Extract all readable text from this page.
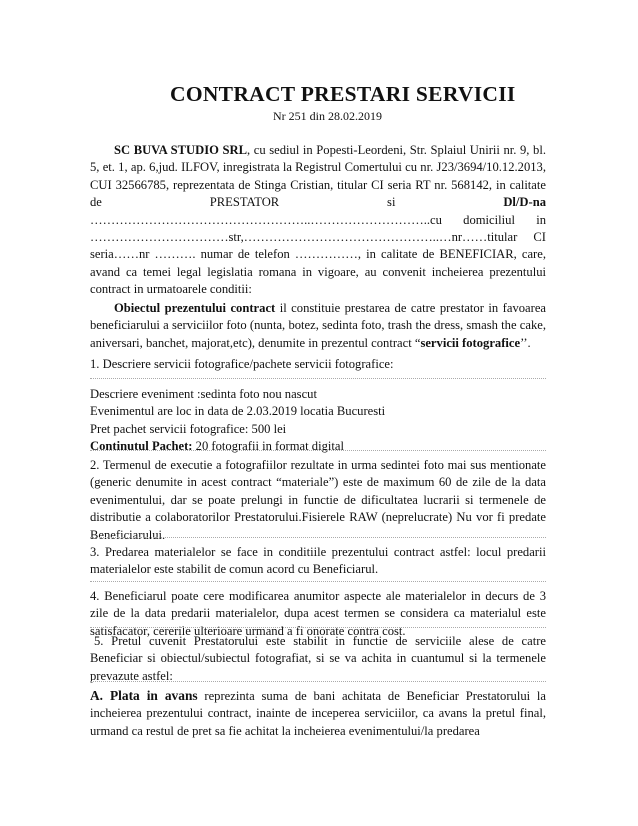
CONTRACT PRESTARI SERVICII
Nr 251 din 28.02.2019
SC BUVA STUDIO SRL, cu sediul in Popesti-Leordeni, Str. Splaiul Unirii nr. 9, bl. 5, et. 1, ap. 6,jud. ILFOV, inregistrata la Registrul Comertului cu nr. J23/3694/10.12.2013, CUI 32566785, reprezentata de Stinga Cristian, titular CI seria RT nr. 568142, in calitate de PRESTATOR si Dl/D-na ……………………………………………..………………………..cu domiciliul in ……………………………str,………………………………………..…nr……titular CI seria……nr ………. numar de telefon ……………, in calitate de BENEFICIAR, care, avand ca temei legal legislatia romana in vigoare, au convenit incheierea prezentului contract in urmatoarele conditii:
Obiectul prezentului contract il constituie prestarea de catre prestator in favoarea beneficiarului a serviciilor foto (nunta, botez, sedinta foto, trash the dress, smash the cake, aniversari, banchet, majorat,etc), denumite in prezentul contract “servicii fotografice’’.
1. Descriere servicii fotografice/pachete servicii fotografice:
Descriere eveniment :sedinta foto nou nascut
Evenimentul are loc in data de 2.03.2019 locatia Bucuresti
Pret pachet servicii fotografice: 500 lei
Continutul Pachet: 20 fotografii in format digital
2. Termenul de executie a fotografiilor rezultate in urma sedintei foto mai sus mentionate (generic denumite in acest contract “materiale”) este de maximum 60 de zile de la data evenimentului, dar se poate prelungi in functie de dificultatea lucrarii si termenele de distributie a colaboratorilor Prestatorului.Fisierele RAW (neprelucrate) Nu vor fi predate Beneficiarului.
3. Predarea materialelor se face in conditiile prezentului contract astfel: locul predarii materialelor este stabilit de comun acord cu Beneficiarul.
4. Beneficiarul poate cere modificarea anumitor aspecte ale materialelor in decurs de 3 zile de la data predarii materialelor, dupa acest termen se considera ca materialul este satisfacator, cererile ulterioare urmand a fi onorate contra cost.
5. Pretul cuvenit Prestatorului este stabilit in functie de serviciile alese de catre Beneficiar si obiectul/subiectul fotografiat, si se va achita in cuantumul si la termenele prevazute astfel:
A. Plata in avans reprezinta suma de bani achitata de Beneficiar Prestatorului la incheierea prezentului contract, inainte de inceperea serviciilor, ca avans la pretul final, urmand ca restul de pret sa fie achitat la incheierea evenimentului/la predarea
